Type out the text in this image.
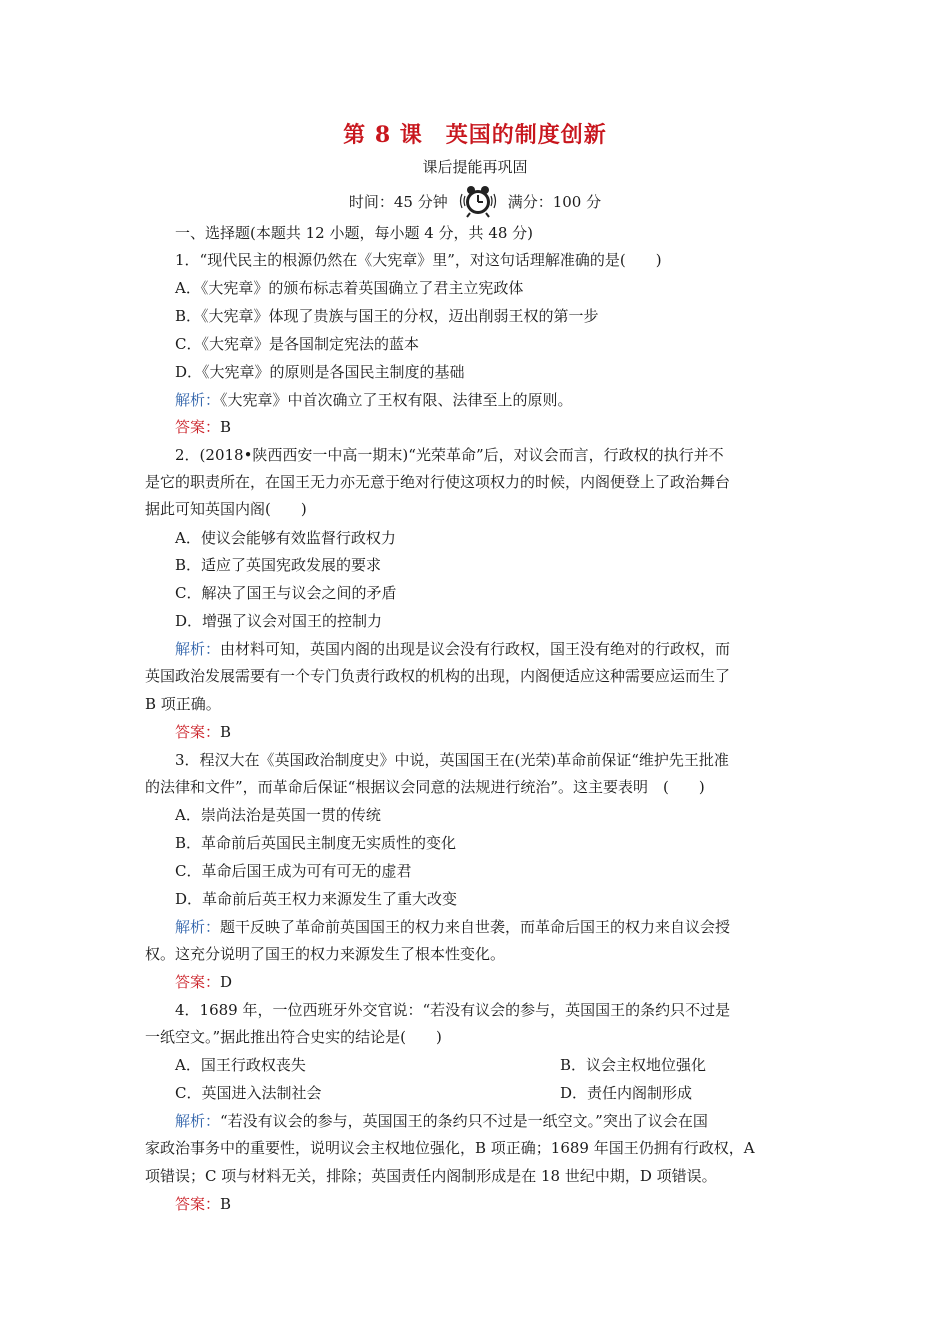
第 8 课　英国的制度创新
课后提能再巩固
时间：45 分钟	满分：100 分
一、选择题(本题共 12 小题，每小题 4 分，共 48 分)
1．“现代民主的根源仍然在《大宪章》里”，对这句话理解准确的是(　　)
A．《大宪章》的颁布标志着英国确立了君主立宪政体
B．《大宪章》体现了贵族与国王的分权，迈出削弱王权的第一步
C．《大宪章》是各国制定宪法的蓝本
D．《大宪章》的原则是各国民主制度的基础
解析：《大宪章》中首次确立了王权有限、法律至上的原则。
答案：B
2．(2018•陕西西安一中高一期末)“光荣革命”后，对议会而言，行政权的执行并不
是它的职责所在，在国王无力亦无意于绝对行使这项权力的时候，内阁便登上了政治舞台
据此可知英国内阁(　　)
A．使议会能够有效监督行政权力
B．适应了英国宪政发展的要求
C．解决了国王与议会之间的矛盾
D．增强了议会对国王的控制力
解析：由材料可知，英国内阁的出现是议会没有行政权，国王没有绝对的行政权，而
英国政治发展需要有一个专门负责行政权的机构的出现，内阁便适应这种需要应运而生了
B 项正确。
答案：B
3．程汉大在《英国政治制度史》中说，英国国王在(光荣)革命前保证“维护先王批准
的法律和文件”，而革命后保证“根据议会同意的法规进行统治”。这主要表明　(　　)
A．崇尚法治是英国一贯的传统
B．革命前后英国民主制度无实质性的变化
C．革命后国王成为可有可无的虚君
D．革命前后英王权力来源发生了重大改变
解析：题干反映了革命前英国国王的权力来自世袭，而革命后国王的权力来自议会授
权。这充分说明了国王的权力来源发生了根本性变化。
答案：D
4．1689 年，一位西班牙外交官说：“若没有议会的参与，英国国王的条约只不过是
一纸空文。”据此推出符合史实的结论是(　　)
A．国王行政权丧失	B．议会主权地位强化
C．英国进入法制社会	D．责任内阁制形成
解析：“若没有议会的参与，英国国王的条约只不过是一纸空文。”突出了议会在国
家政治事务中的重要性，说明议会主权地位强化，B 项正确；1689 年国王仍拥有行政权，A
项错误；C 项与材料无关，排除；英国责任内阁制形成是在 18 世纪中期，D 项错误。
答案：B
